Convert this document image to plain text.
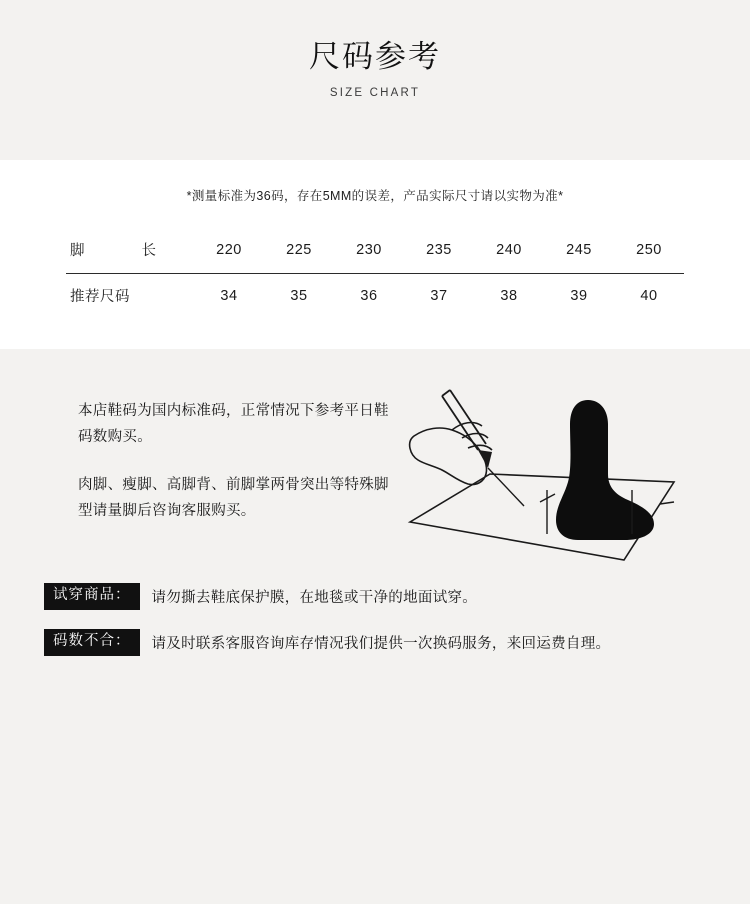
尺码参考
SIZE CHART
*测量标准为36码，存在5MM的误差，产品实际尺寸请以实物为准*
脚 长	220	225	230	235	240	245	250
推荐尺码	34	35	36	37	38	39	40

本店鞋码为国内标准码，正常情况下参考平日鞋码数购买。

肉脚、瘦脚、高脚背、前脚掌两骨突出等特殊脚型请量脚后咨询客服购买。

试穿商品：	请勿撕去鞋底保护膜，在地毯或干净的地面试穿。
码数不合：	请及时联系客服咨询库存情况我们提供一次换码服务，来回运费自理。
